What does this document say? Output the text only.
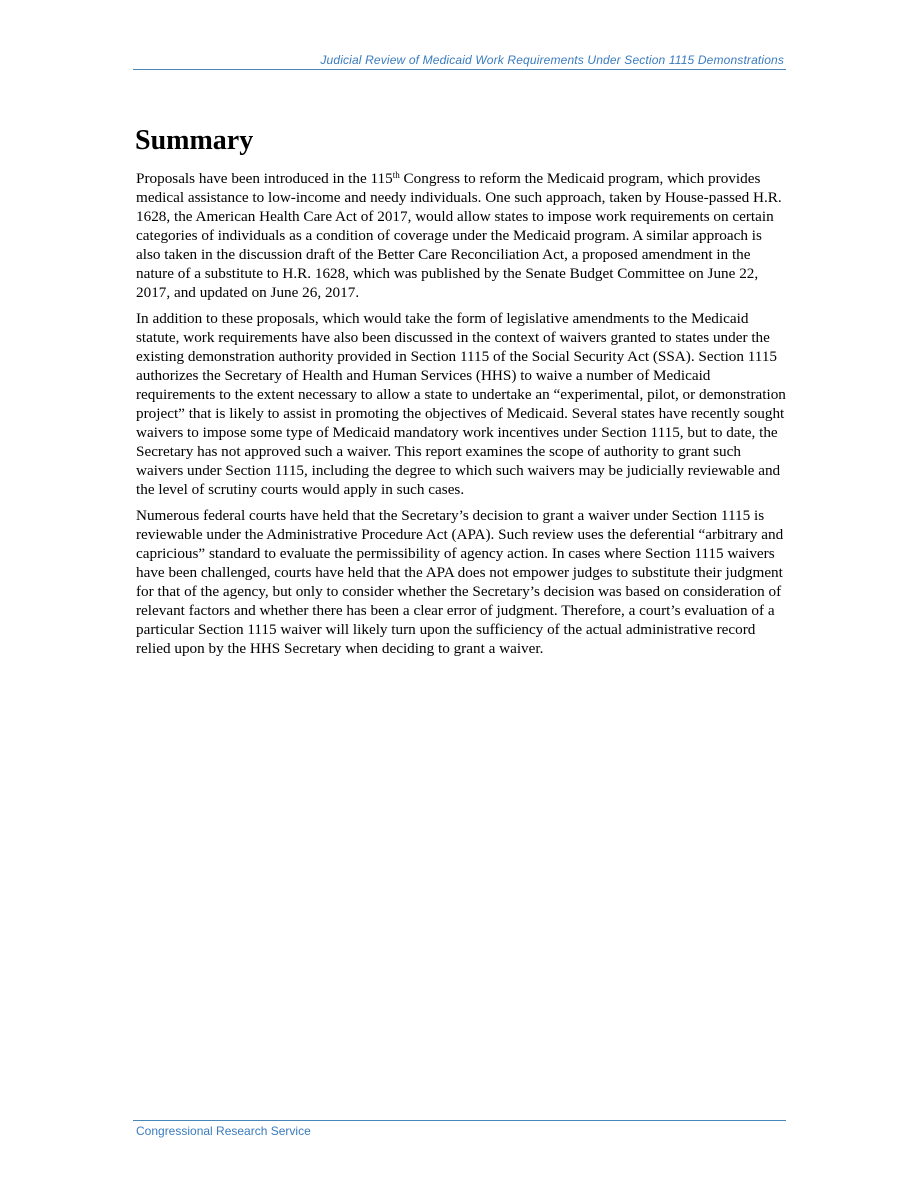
Judicial Review of Medicaid Work Requirements Under Section 1115 Demonstrations
Summary

Proposals have been introduced in the 115th Congress to reform the Medicaid program, which provides medical assistance to low-income and needy individuals. One such approach, taken by House-passed H.R. 1628, the American Health Care Act of 2017, would allow states to impose work requirements on certain categories of individuals as a condition of coverage under the Medicaid program. A similar approach is also taken in the discussion draft of the Better Care Reconciliation Act, a proposed amendment in the nature of a substitute to H.R. 1628, which was published by the Senate Budget Committee on June 22, 2017, and updated on June 26, 2017.

In addition to these proposals, which would take the form of legislative amendments to the Medicaid statute, work requirements have also been discussed in the context of waivers granted to states under the existing demonstration authority provided in Section 1115 of the Social Security Act (SSA). Section 1115 authorizes the Secretary of Health and Human Services (HHS) to waive a number of Medicaid requirements to the extent necessary to allow a state to undertake an “experimental, pilot, or demonstration project” that is likely to assist in promoting the objectives of Medicaid. Several states have recently sought waivers to impose some type of Medicaid mandatory work incentives under Section 1115, but to date, the Secretary has not approved such a waiver. This report examines the scope of authority to grant such waivers under Section 1115, including the degree to which such waivers may be judicially reviewable and the level of scrutiny courts would apply in such cases.

Numerous federal courts have held that the Secretary’s decision to grant a waiver under Section 1115 is reviewable under the Administrative Procedure Act (APA). Such review uses the deferential “arbitrary and capricious” standard to evaluate the permissibility of agency action. In cases where Section 1115 waivers have been challenged, courts have held that the APA does not empower judges to substitute their judgment for that of the agency, but only to consider whether the Secretary’s decision was based on consideration of relevant factors and whether there has been a clear error of judgment. Therefore, a court’s evaluation of a particular Section 1115 waiver will likely turn upon the sufficiency of the actual administrative record relied upon by the HHS Secretary when deciding to grant a waiver.

Congressional Research Service
